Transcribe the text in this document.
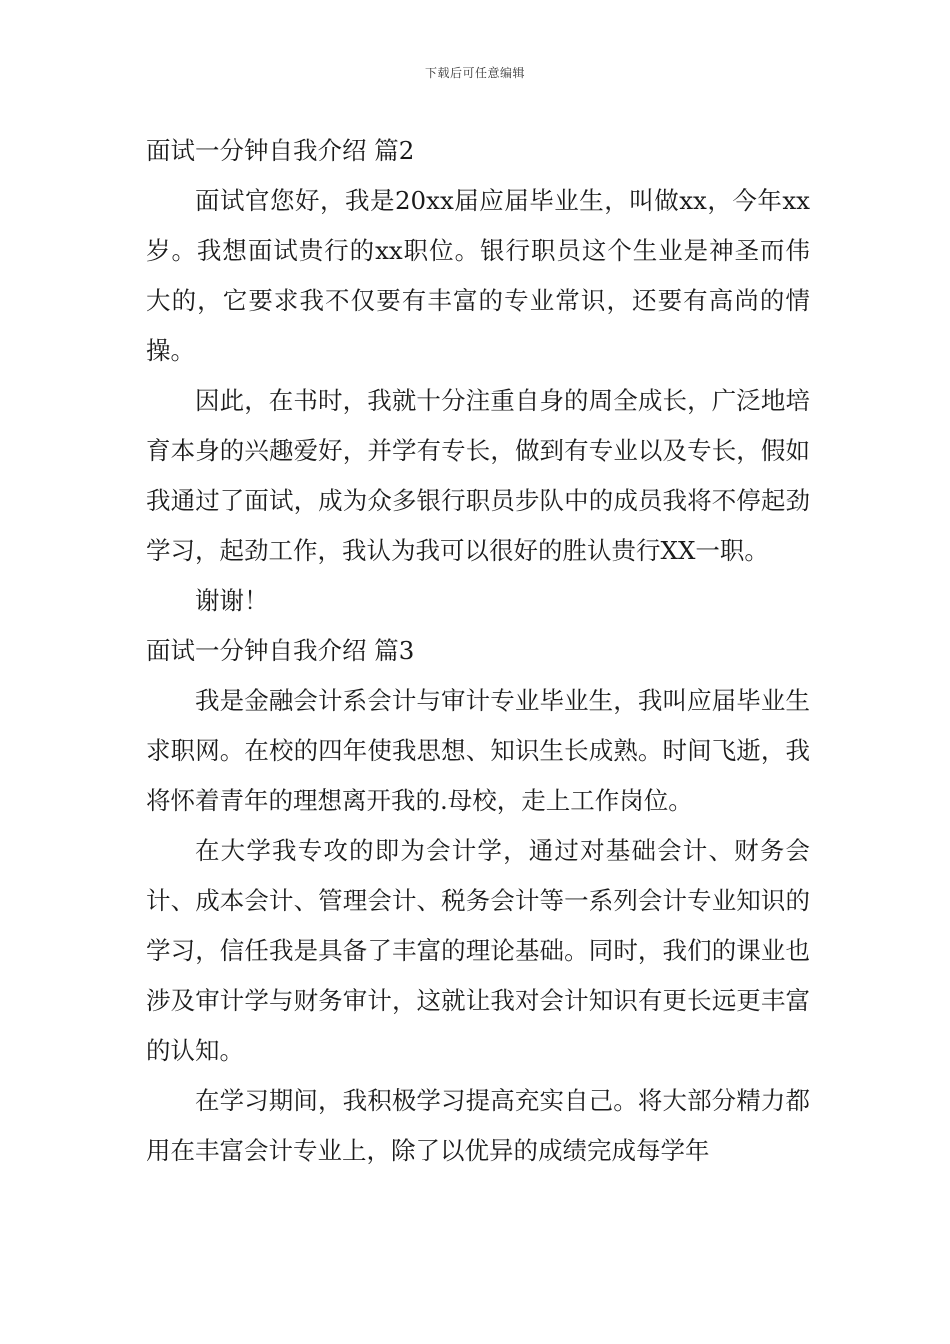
下载后可任意编辑
面试一分钟自我介绍 篇2

面试官您好，我是20xx届应届毕业生，叫做xx，今年xx岁。我想面试贵行的xx职位。银行职员这个生业是神圣而伟大的，它要求我不仅要有丰富的专业常识，还要有高尚的情操。

因此，在书时，我就十分注重自身的周全成长，广泛地培育本身的兴趣爱好，并学有专长，做到有专业以及专长，假如我通过了面试，成为众多银行职员步队中的成员我将不停起劲学习，起劲工作，我认为我可以很好的胜认贵行XX一职。

谢谢！

面试一分钟自我介绍 篇3

我是金融会计系会计与审计专业毕业生，我叫应届毕业生求职网。在校的四年使我思想、知识生长成熟。时间飞逝，我将怀着青年的理想离开我的.母校，走上工作岗位。

在大学我专攻的即为会计学，通过对基础会计、财务会计、成本会计、管理会计、税务会计等一系列会计专业知识的学习，信任我是具备了丰富的理论基础。同时，我们的课业也涉及审计学与财务审计，这就让我对会计知识有更长远更丰富的认知。

在学习期间，我积极学习提高充实自己。将大部分精力都用在丰富会计专业上，除了以优异的成绩完成每学年
